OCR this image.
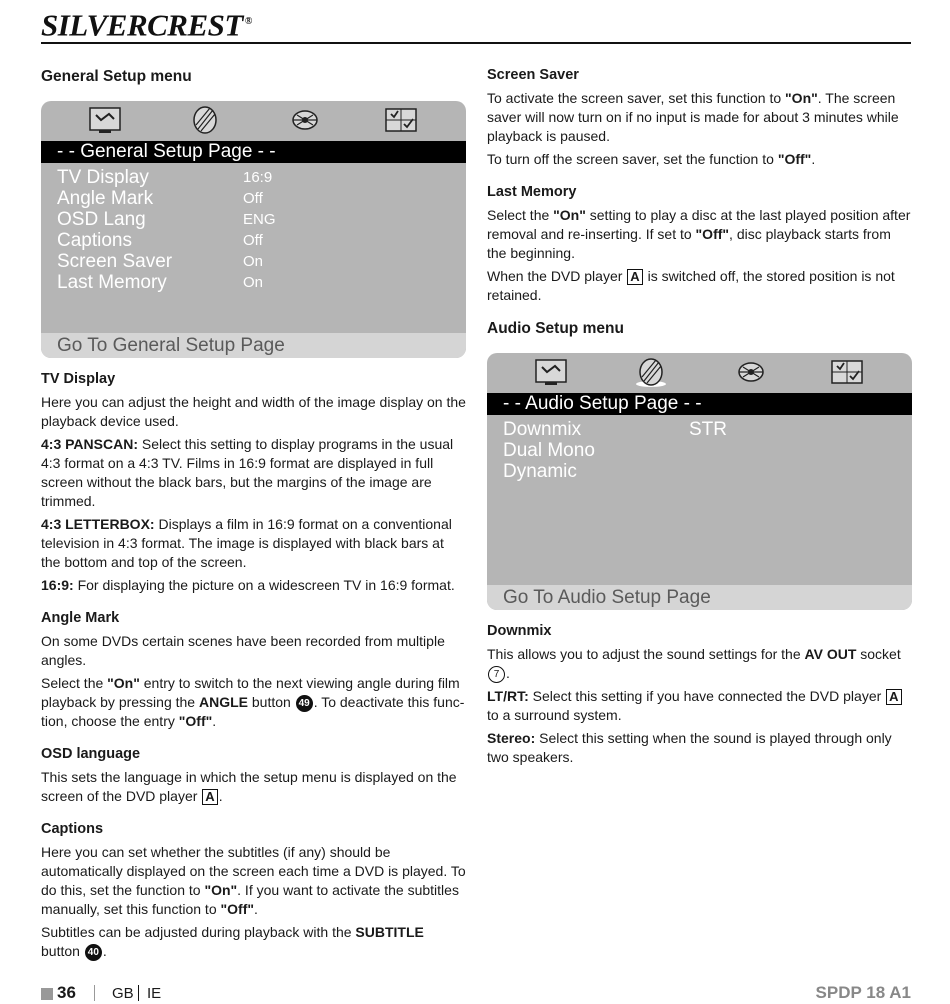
SILVERCREST ®

General Setup menu

- - General Setup Page - -
TV Display	16:9
Angle Mark	Off
OSD Lang	ENG
Captions	Off
Screen Saver	On
Last Memory	On
Go To General Setup Page

TV Display

Here you can adjust the height and width of the image display on the playback device used.

4:3 PANSCAN: Select this setting to display programs in the usual 4:3 format on a 4:3 TV. Films in 16:9 format are displayed in full screen without the black bars, but the margins of the image are trimmed.

4:3 LETTERBOX: Displays a film in 16:9 format on a conventional television in 4:3 format. The image is displayed with black bars at the bottom and top of the screen.

16:9: For displaying the picture on a widescreen TV in 16:9 format.

Angle Mark

On some DVDs certain scenes have been recorded from multiple angles.

Select the "On" entry to switch to the next viewing angle during film playback by pressing the ANGLE button 49 . To deactivate this func-tion, choose the entry "Off".

OSD language

This sets the language in which the setup menu is displayed on the screen of the DVD player A .

Captions

Here you can set whether the subtitles (if any) should be automatically displayed on the screen each time a DVD is played. To do this, set the function to "On". If you want to activate the subtitles manually, set this function to "Off".

Subtitles can be adjusted during playback with the SUBTITLE button 40 .

Screen Saver

To activate the screen saver, set this function to "On". The screen saver will now turn on if no input is made for about 3 minutes while playback is paused.

To turn off the screen saver, set the function to "Off".

Last Memory

Select the "On" setting to play a disc at the last played position after removal and re-inserting. If set to "Off", disc playback starts from the beginning.

When the DVD player A is switched off, the stored position is not retained.

Audio Setup menu

- - Audio Setup Page - -
Downmix	STR
Dual Mono
Dynamic
Go To Audio Setup Page

Downmix

This allows you to adjust the sound settings for the AV OUT socket 7 .

LT/RT: Select this setting if you have connected the DVD player A to a surround system.

Stereo: Select this setting when the sound is played through only two speakers.

36 GB IE	SPDP 18 A1
